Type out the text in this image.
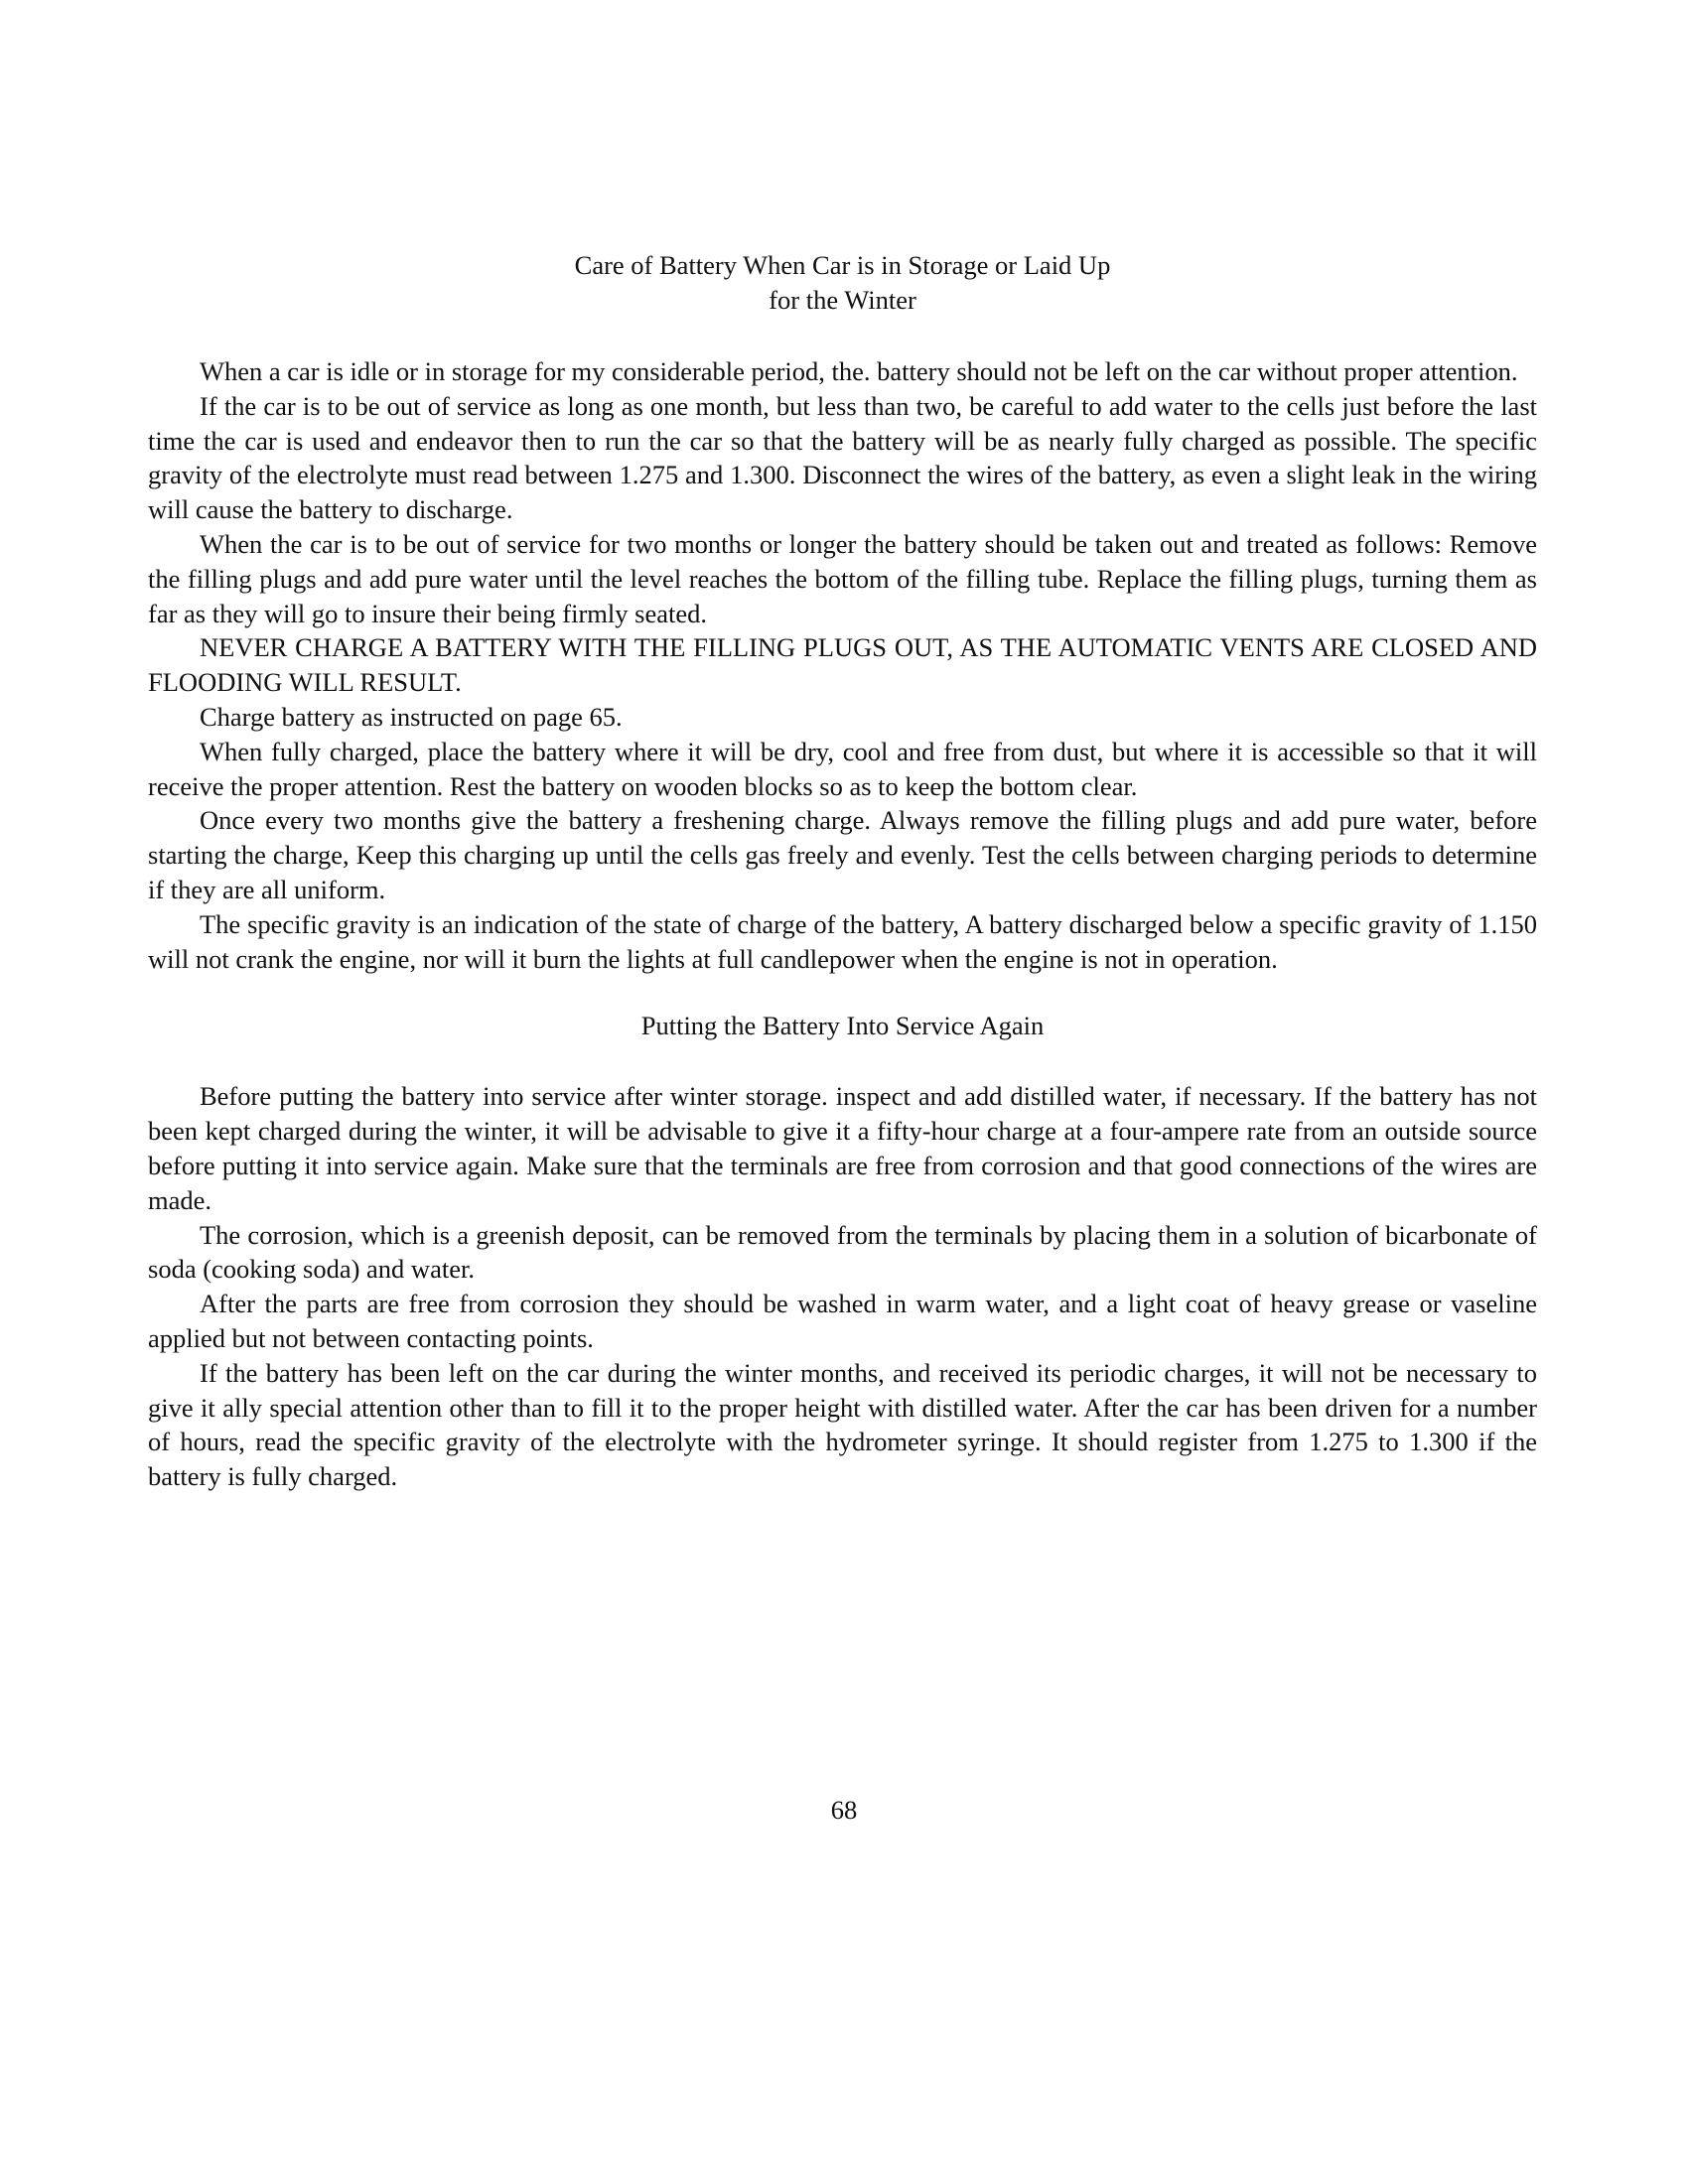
Care of Battery When Car is in Storage or Laid Up
for the Winter

When a car is idle or in storage for my considerable period, the. battery should not be left on the car without proper attention.

If the car is to be out of service as long as one month, but less than two, be careful to add water to the cells just before the last time the car is used and endeavor then to run the car so that the battery will be as nearly fully charged as possible. The specific gravity of the electrolyte must read between 1.275 and 1.300. Disconnect the wires of the battery, as even a slight leak in the wiring will cause the battery to discharge.

When the car is to be out of service for two months or longer the battery should be taken out and treated as follows: Remove the filling plugs and add pure water until the level reaches the bottom of the filling tube. Replace the filling plugs, turning them as far as they will go to insure their being firmly seated.

NEVER CHARGE A BATTERY WITH THE FILLING PLUGS OUT, AS THE AUTOMATIC VENTS ARE CLOSED AND FLOODING WILL RESULT.

Charge battery as instructed on page 65.

When fully charged, place the battery where it will be dry, cool and free from dust, but where it is accessible so that it will receive the proper attention. Rest the battery on wooden blocks so as to keep the bottom clear.

Once every two months give the battery a freshening charge. Always remove the filling plugs and add pure water, before starting the charge, Keep this charging up until the cells gas freely and evenly. Test the cells between charging periods to determine if they are all uniform.

The specific gravity is an indication of the state of charge of the battery, A battery discharged below a specific gravity of 1.150 will not crank the engine, nor will it burn the lights at full candlepower when the engine is not in operation.

Putting the Battery Into Service Again

Before putting the battery into service after winter storage. inspect and add distilled water, if necessary. If the battery has not been kept charged during the winter, it will be advisable to give it a fifty-hour charge at a four-ampere rate from an outside source before putting it into service again. Make sure that the terminals are free from corrosion and that good connections of the wires are made.

The corrosion, which is a greenish deposit, can be removed from the terminals by placing them in a solution of bicarbonate of soda (cooking soda) and water.

After the parts are free from corrosion they should be washed in warm water, and a light coat of heavy grease or vaseline applied but not between contacting points.

If the battery has been left on the car during the winter months, and received its periodic charges, it will not be necessary to give it ally special attention other than to fill it to the proper height with distilled water. After the car has been driven for a number of hours, read the specific gravity of the electrolyte with the hydrometer syringe. It should register from 1.275 to 1.300 if the battery is fully charged.

68
